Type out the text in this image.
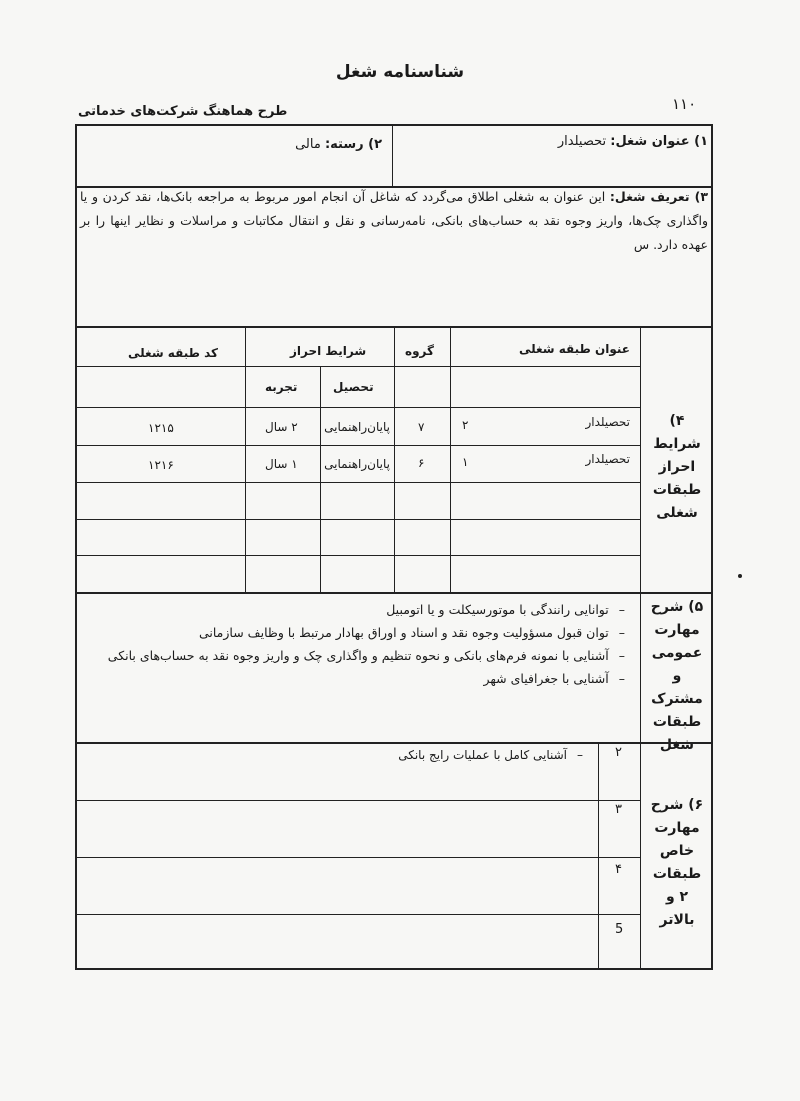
شناسنامه شغل
۱۱۰
طرح هماهنگ شرکت‌های خدماتی
۱) عنوان شغل: تحصیلدار
۲) رسته: مالی
۳) تعریف شغل: این عنوان به شغلی اطلاق می‌گردد که شاغل آن انجام امور مربوط به مراجعه بانک‌ها، نقد کردن و یا واگذاری چک‌ها، واریز وجوه نقد به حساب‌های بانکی، نامه‌رسانی و نقل و انتقال مکاتبات و مراسلات و نظایر اینها را بر عهده دارد. س
۴) شرایط احراز طبقات شغلی
عنوان طبقه شغلی
گروه
شرایط احراز
تحصیل
تجربه
کد طبقه شغلی
تحصیلدار
۲
۷
پایان‌راهنمایی
۲ سال
۱۲۱۵
تحصیلدار
۱
۶
پایان‌راهنمایی
۱ سال
۱۲۱۶
۵) شرح مهارت عمومی و مشترک طبقات شغل
– توانایی رانندگی با موتورسیکلت و یا اتومبیل
– توان قبول مسؤولیت وجوه نقد و اسناد و اوراق بهادار مرتبط با وظایف سازمانی
– آشنایی با نمونه فرم‌های بانکی و نحوه تنظیم و واگذاری چک و واریز وجوه نقد به حساب‌های بانکی
– آشنایی با جغرافیای شهر
۶) شرح مهارت خاص طبقات ۲ و بالاتر
۲
۳
۴
5
–آشنایی کامل با عملیات رایج بانکی
